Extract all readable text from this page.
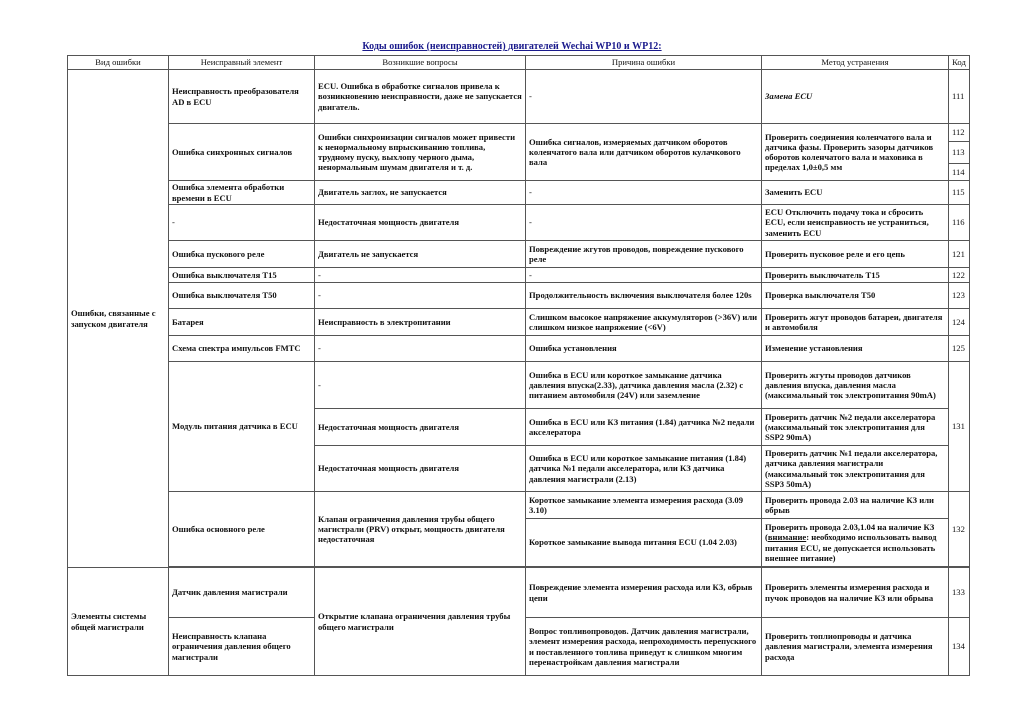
Коды ошибок (неисправностей) двигателей Wechai WP10 и WP12:
Вид ошибки	Неисправный элемент	Возникшие вопросы	Причина ошибки	Метод устранения	Код
Ошибки, связанные с запуском двигателя	Неисправность преобразователя AD в ECU	ECU. Ошибка в обработке сигналов привела к возникновению неисправности, даже не запускается двигатель.	-	Замена ECU	111
	Ошибка синхронных сигналов	Ошибки синхронизации сигналов может привести к ненормальному впрыскиванию топлива, трудному пуску, выхлопу черного дыма, ненормальным шумам двигателя и т. д.	Ошибка сигналов, измеряемых датчиком оборотов коленчатого вала или датчиком оборотов кулачкового вала	Проверить соединения коленчатого вала и датчика фазы. Проверить зазоры датчиков оборотов коленчатого вала и маховика в пределах 1,0±0,5 мм	112
					113
					114
	Ошибка элемента обработки времени в ECU	Двигатель заглох, не запускается	-	Заменить ECU	115
	-	Недостаточная мощность двигателя	-	ECU Отключить подачу тока и сбросить ECU, если неисправность не устраниться, заменить ECU	116
	Ошибка пускового реле	Двигатель не запускается	Повреждение жгутов проводов, повреждение пускового реле	Проверить пусковое реле и его цепь	121
	Ошибка выключателя T15	-	-	Проверить выключатель T15	122
	Ошибка выключателя T50	-	Продолжительность включения выключателя более 120s	Проверка выключателя T50	123
	Батарея	Неисправность в электропитании	Слишком высокое напряжение аккумуляторов (>36V) или слишком низкое напряжение (<6V)	Проверить жгут проводов батареи, двигателя и автомобиля	124
	Схема спектра импульсов FMTC	-	Ошибка установления	Изменение установления	125
	Модуль питания датчика в ECU	-	Ошибка в ECU или короткое замыкание датчика давления впуска(2.33), датчика давления масла (2.32) с питанием автомобиля (24V) или заземление	Проверить жгуты проводов датчиков давления впуска, давления масла (максимальный ток электропитания 90mA)	131
		Недостаточная мощность двигателя	Ошибка в ECU или КЗ питания (1.84) датчика №2 педали акселератора	Проверить датчик №2 педали акселератора (максимальный ток электропитания для SSP2 90mA)	
		Недостаточная мощность двигателя	Ошибка в ECU или короткое замыкание питания (1.84) датчика №1 педали акселератора, или КЗ датчика давления магистрали (2.13)	Проверить датчик №1 педали акселератора, датчика давления магистрали (максимальный ток электропитания для SSP3 50mA)	
	Ошибка основного реле	Клапан ограничения давления трубы общего магистрали (PRV) открыт, мощность двигателя недостаточная	Короткое замыкание элемента измерения расхода (3.09 3.10)	Проверить провода 2.03 на наличие КЗ или обрыв	132
			Короткое замыкание вывода питания ECU (1.04 2.03)	Проверить провода 2.03,1.04 на наличие КЗ (внимание: необходимо использовать вывод питания ECU, не допускается использовать внешнее питание)	

Элементы системы общей магистрали	Датчик давления магистрали	Открытие клапана ограничения давления трубы общего магистрали	Повреждение элемента измерения расхода или КЗ, обрыв цепи	Проверить элементы измерения расхода и пучок проводов на наличие КЗ или обрыва	133
	Неисправность клапана ограничения давления общего магистрали		Вопрос топливопроводов. Датчик давления магистрали, элемент измерения расхода, непроходимость перепускного и поставленного топлива приведут к слишком многим перенастройкам давления магистрали	Проверить топлиопроводы и датчика давления магистрали, элемента измерения расхода	134
